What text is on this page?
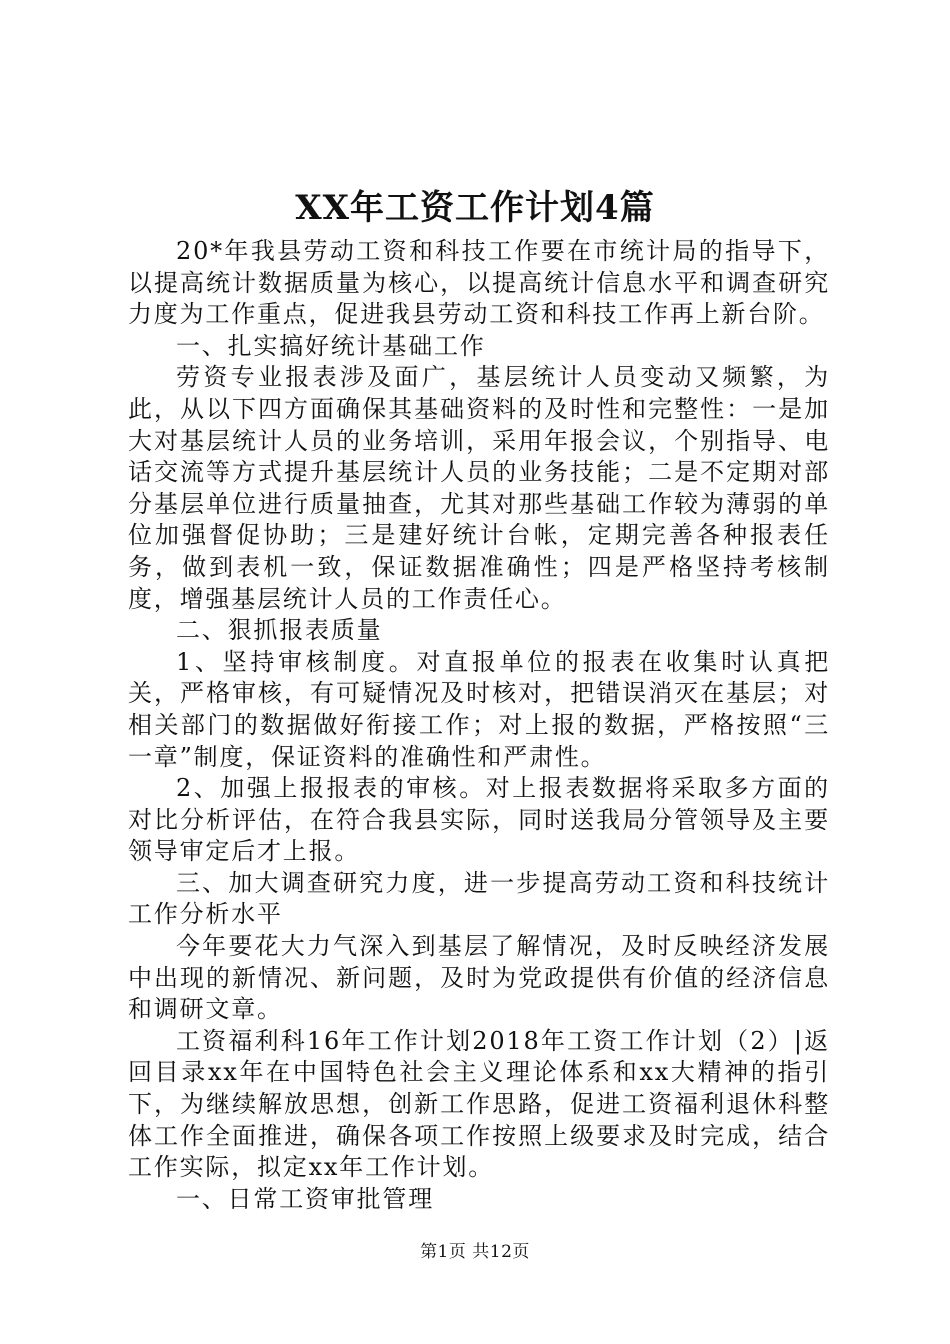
XX年工资工作计划4篇

20*年我县劳动工资和科技工作要在市统计局的指导下，以提高统计数据质量为核心，以提高统计信息水平和调查研究力度为工作重点，促进我县劳动工资和科技工作再上新台阶。

一、扎实搞好统计基础工作

劳资专业报表涉及面广，基层统计人员变动又频繁，为此，从以下四方面确保其基础资料的及时性和完整性：一是加大对基层统计人员的业务培训，采用年报会议，个别指导、电话交流等方式提升基层统计人员的业务技能；二是不定期对部分基层单位进行质量抽查，尤其对那些基础工作较为薄弱的单位加强督促协助；三是建好统计台帐，定期完善各种报表任务，做到表机一致，保证数据准确性；四是严格坚持考核制度，增强基层统计人员的工作责任心。

二、狠抓报表质量

1、坚持审核制度。对直报单位的报表在收集时认真把关，严格审核，有可疑情况及时核对，把错误消灭在基层；对相关部门的数据做好衔接工作；对上报的数据，严格按照“三一章”制度，保证资料的准确性和严肃性。

2、加强上报报表的审核。对上报表数据将采取多方面的对比分析评估，在符合我县实际，同时送我局分管领导及主要领导审定后才上报。

三、加大调查研究力度，进一步提高劳动工资和科技统计工作分析水平

今年要花大力气深入到基层了解情况，及时反映经济发展中出现的新情况、新问题，及时为党政提供有价值的经济信息和调研文章。

工资福利科16年工作计划2018年工资工作计划（2）|返回目录xx年在中国特色社会主义理论体系和xx大精神的指引下，为继续解放思想，创新工作思路，促进工资福利退休科整体工作全面推进，确保各项工作按照上级要求及时完成，结合工作实际，拟定xx年工作计划。

一、日常工资审批管理

第1页 共12页
